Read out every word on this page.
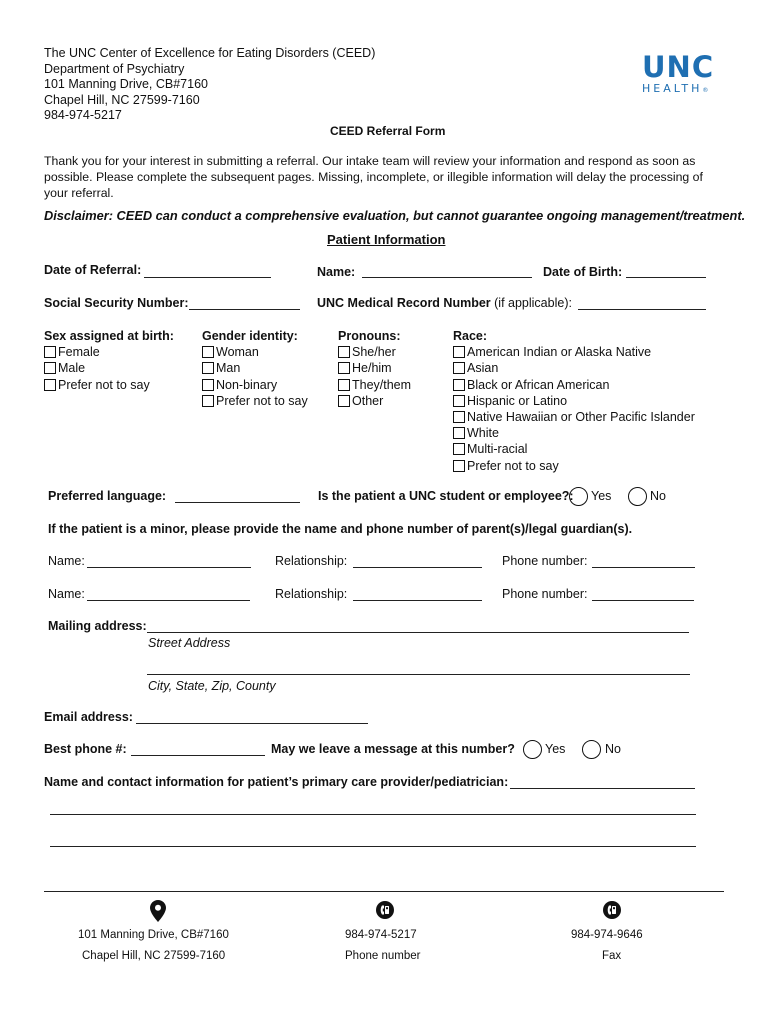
The UNC Center of Excellence for Eating Disorders (CEED)
Department of Psychiatry
101 Manning Drive, CB#7160
Chapel Hill, NC 27599-7160
984-974-5217
UNC
HEALTH®
CEED Referral Form
Thank you for your interest in submitting a referral. Our intake team will review your information and respond as soon as possible. Please complete the subsequent pages. Missing, incomplete, or illegible information will delay the processing of your referral.
Disclaimer: CEED can conduct a comprehensive evaluation, but cannot guarantee ongoing management/treatment.
Patient Information
Date of Referral:	Name:	Date of Birth:
Social Security Number:	UNC Medical Record Number (if applicable):
Sex assigned at birth:
Female
Male
Prefer not to say
Gender identity:
Woman
Man
Non-binary
Prefer not to say
Pronouns:
She/her
He/him
They/them
Other
Race:
American Indian or Alaska Native
Asian
Black or African American
Hispanic or Latino
Native Hawaiian or Other Pacific Islander
White
Multi-racial
Prefer not to say
Preferred language:	Is the patient a UNC student or employee?: Yes	No
If the patient is a minor, please provide the name and phone number of parent(s)/legal guardian(s).
Name:	Relationship:	Phone number:
Name:	Relationship:	Phone number:
Mailing address:
Street Address
City, State, Zip, County
Email address:
Best phone #:	May we leave a message at this number? Yes	No
Name and contact information for patient’s primary care provider/pediatrician:
101 Manning Drive, CB#7160
Chapel Hill, NC 27599-7160
984-974-5217
Phone number
984-974-9646
Fax
